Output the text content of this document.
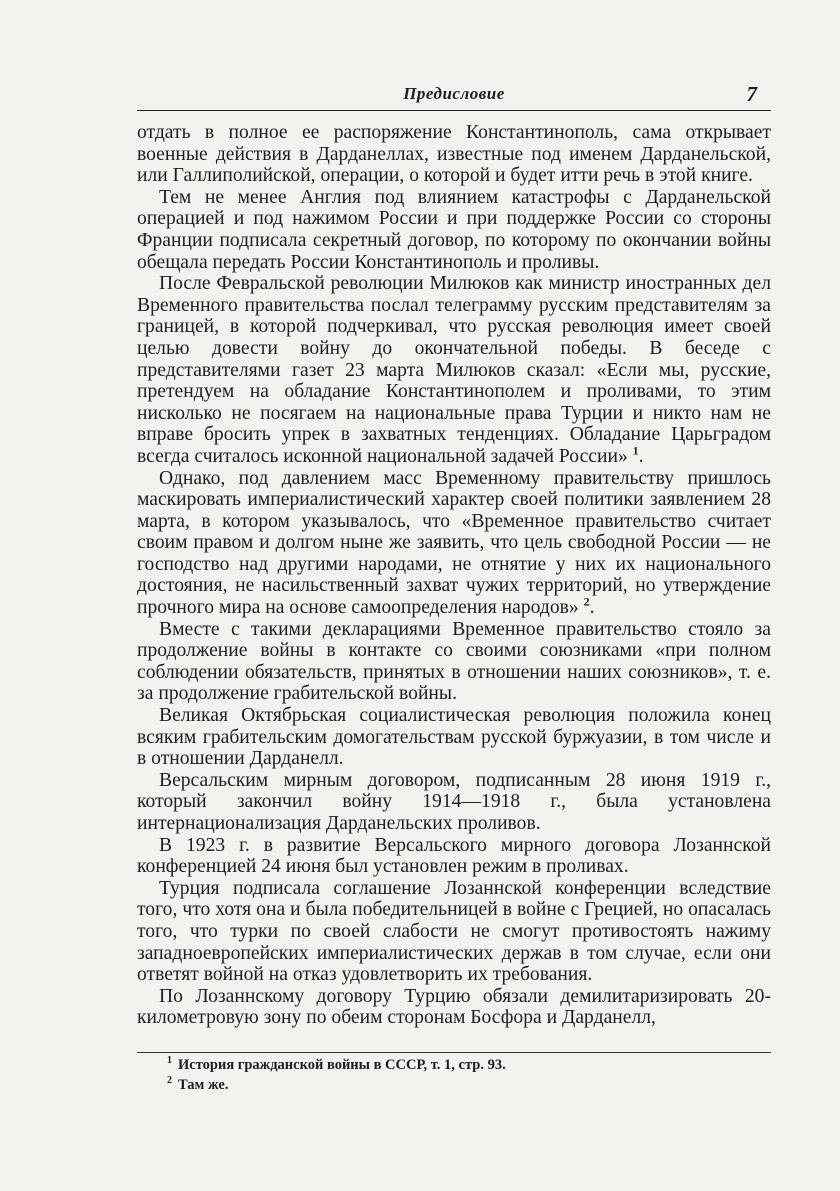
Предисловие	7

отдать в полное ее распоряжение Константинополь, сама открывает военные действия в Дарданеллах, известные под именем Дарданельской, или Галлиполийской, операции, о которой и будет итти речь в этой книге.

Тем не менее Англия под влиянием катастрофы с Дарданельской операцией и под нажимом России и при поддержке России со стороны Франции подписала секретный договор, по которому по окончании войны обещала передать России Константинополь и проливы.

После Февральской революции Милюков как министр иностранных дел Временного правительства послал телеграмму русским представителям за границей, в которой подчеркивал, что русская революция имеет своей целью довести войну до окончательной победы. В беседе с представителями газет 23 марта Милюков сказал: «Если мы, русские, претендуем на обладание Константинополем и проливами, то этим нисколько не посягаем на национальные права Турции и никто нам не вправе бросить упрек в захватных тенденциях. Обладание Царьградом всегда считалось исконной национальной задачей России» $^1$.

Однако, под давлением масс Временному правительству пришлось маскировать империалистический характер своей политики заявлением 28 марта, в котором указывалось, что «Временное правительство считает своим правом и долгом ныне же заявить, что цель свободной России — не господство над другими народами, не отнятие у них их национального достояния, не насильственный захват чужих территорий, но утверждение прочного мира на основе самоопределения народов» $^2$.

Вместе с такими декларациями Временное правительство стояло за продолжение войны в контакте со своими союзниками «при полном соблюдении обязательств, принятых в отношении наших союзников», т. е. за продолжение грабительской войны.

Великая Октябрьская социалистическая революция положила конец всяким грабительским домогательствам русской буржуазии, в том числе и в отношении Дарданелл.

Версальским мирным договором, подписанным 28 июня 1919 г., который закончил войну 1914—1918 г., была установлена интернационализация Дарданельских проливов.

В 1923 г. в развитие Версальского мирного договора Лозаннской конференцией 24 июня был установлен режим в проливах.

Турция подписала соглашение Лозаннской конференции вследствие того, что хотя она и была победительницей в войне с Грецией, но опасалась того, что турки по своей слабости не смогут противостоять нажиму западноевропейских империалистических держав в том случае, если они ответят войной на отказ удовлетворить их требования.

По Лозаннскому договору Турцию обязали демилитаризировать 20-километровую зону по обеим сторонам Босфора и Дарданелл,

$^1$ История гражданской войны в СССР, т. 1, стр. 93.
$^2$ Там же.
